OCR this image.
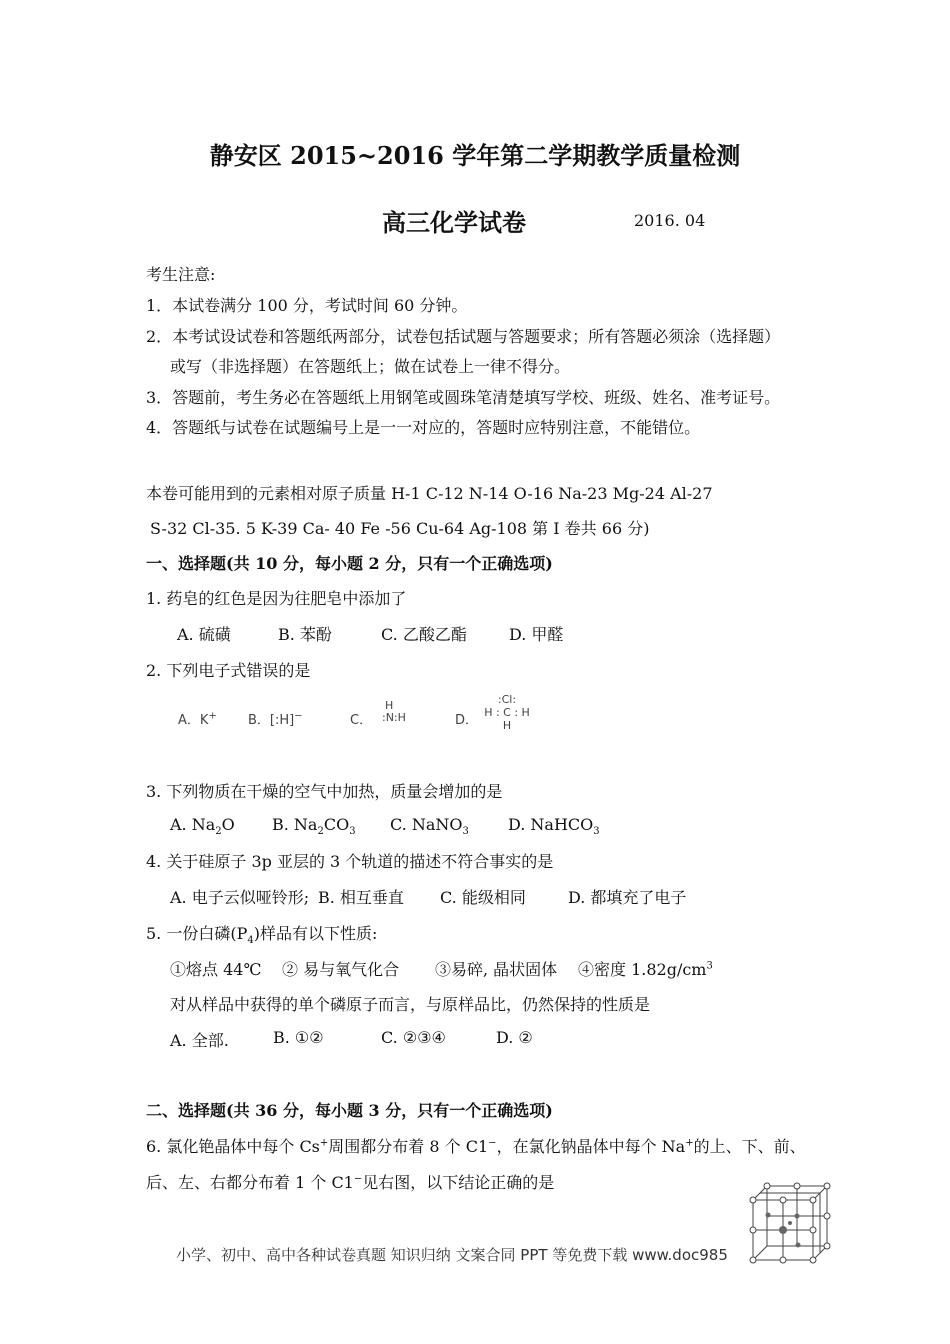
静安区 2015~2016 学年第二学期教学质量检测
高三化学试卷	2016. 04
考生注意:
1．本试卷满分 100 分，考试时间 60 分钟。
2．本考试设试卷和答题纸两部分，试卷包括试题与答题要求；所有答题必须涂（选择题）
或写（非选择题）在答题纸上；做在试卷上一律不得分。
3．答题前，考生务必在答题纸上用钢笔或圆珠笔清楚填写学校、班级、姓名、准考证号。
4．答题纸与试卷在试题编号上是一一对应的，答题时应特别注意，不能错位。
本卷可能用到的元素相对原子质量 H-1 C-12 N-14 O-16 Na-23 Mg-24 Al-27
S-32 Cl-35. 5 K-39 Ca- 40 Fe -56 Cu-64 Ag-108 第 I 卷共 66 分)
一、选择题(共 10 分，每小题 2 分，只有一个正确选项)
1. 药皂的红色是因为往肥皂中添加了
A. 硫磺	B. 苯酚	C. 乙酸乙酯	D. 甲醛
2. 下列电子式错误的是
A．K+ B．[:H]−	C．
H
:N:H	D．
:Cl:
H : C : H
H
3. 下列物质在干燥的空气中加热，质量会增加的是
A. $Na_2O$ B. $Na_2CO_3$ C. NaNO$_3$ D. NaHCO$_3$
4. 关于硅原子 3p 亚层的 3 个轨道的描述不符合事实的是
A. 电子云似哑铃形; B. 相互垂直 C. 能级相同	D. 都填充了电子
5. 一份白磷$(P_4)$样品有以下性质:
①熔点 44℃ ② 易与氧气化合 ③易碎, 晶状固体 ④密度 $1.82g/cm^3$
对从样品中获得的单个磷原子而言，与原样品比，仍然保持的性质是
A. 全部.	B. ①②	C. ②③④	D. ②
二、选择题(共 36 分，每小题 3 分，只有一个正确选项)
6. 氯化铯晶体中每个 Cs+周围都分布着 8 个 C1−，在氯化钠晶体中每个 Na+的上、下、前、
后、左、右都分布着 1 个 C1−见右图，以下结论正确的是
小学、初中、高中各种试卷真题 知识归纳 文案合同 PPT 等免费下载 www.doc985
